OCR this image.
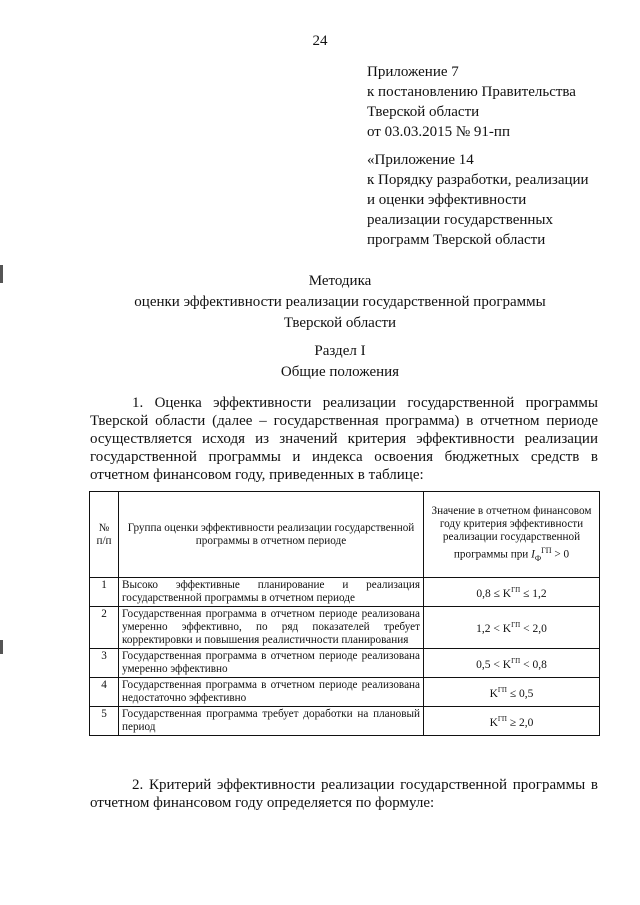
24
Приложение 7
к постановлению Правительства
Тверской области
от 03.03.2015 № 91-пп
«Приложение 14
к Порядку разработки, реализации
и оценки эффективности
реализации государственных
программ Тверской области
Методика
оценки эффективности реализации государственной программы
Тверской области
Раздел I
Общие положения
1. Оценка эффективности реализации государственной программы Тверской области (далее – государственная программа) в отчетном периоде осуществляется исходя из значений критерия эффективности реализации государственной программы и индекса освоения бюджетных средств в отчетном финансовом году, приведенных в таблице:
№ п/п	Группа оценки эффективности реализации государственной программы в отчетном периоде	Значение в отчетном финансовом году критерия эффективности реализации государственной программы при $I_Ф^{ГП} > 0$
1	Высоко эффективные планирование и реализация государственной программы в отчетном периоде	$0,8 \le K^{ГП} \le 1,2$
2	Государственная программа в отчетном периоде реализована умеренно эффективно, по ряд показателей требует корректировки и повышения реалистичности планирования	$1,2 < K^{ГП} < 2,0$
3	Государственная программа в отчетном периоде реализована умеренно эффективно	$0,5 < K^{ГП} < 0,8$
4	Государственная программа в отчетном периоде реализована недостаточно эффективно	$K^{ГП} \le 0,5$
5	Государственная программа требует доработки на плановый период	$K^{ГП} \ge 2,0$
2. Критерий эффективности реализации государственной программы в отчетном финансовом году определяется по формуле:
